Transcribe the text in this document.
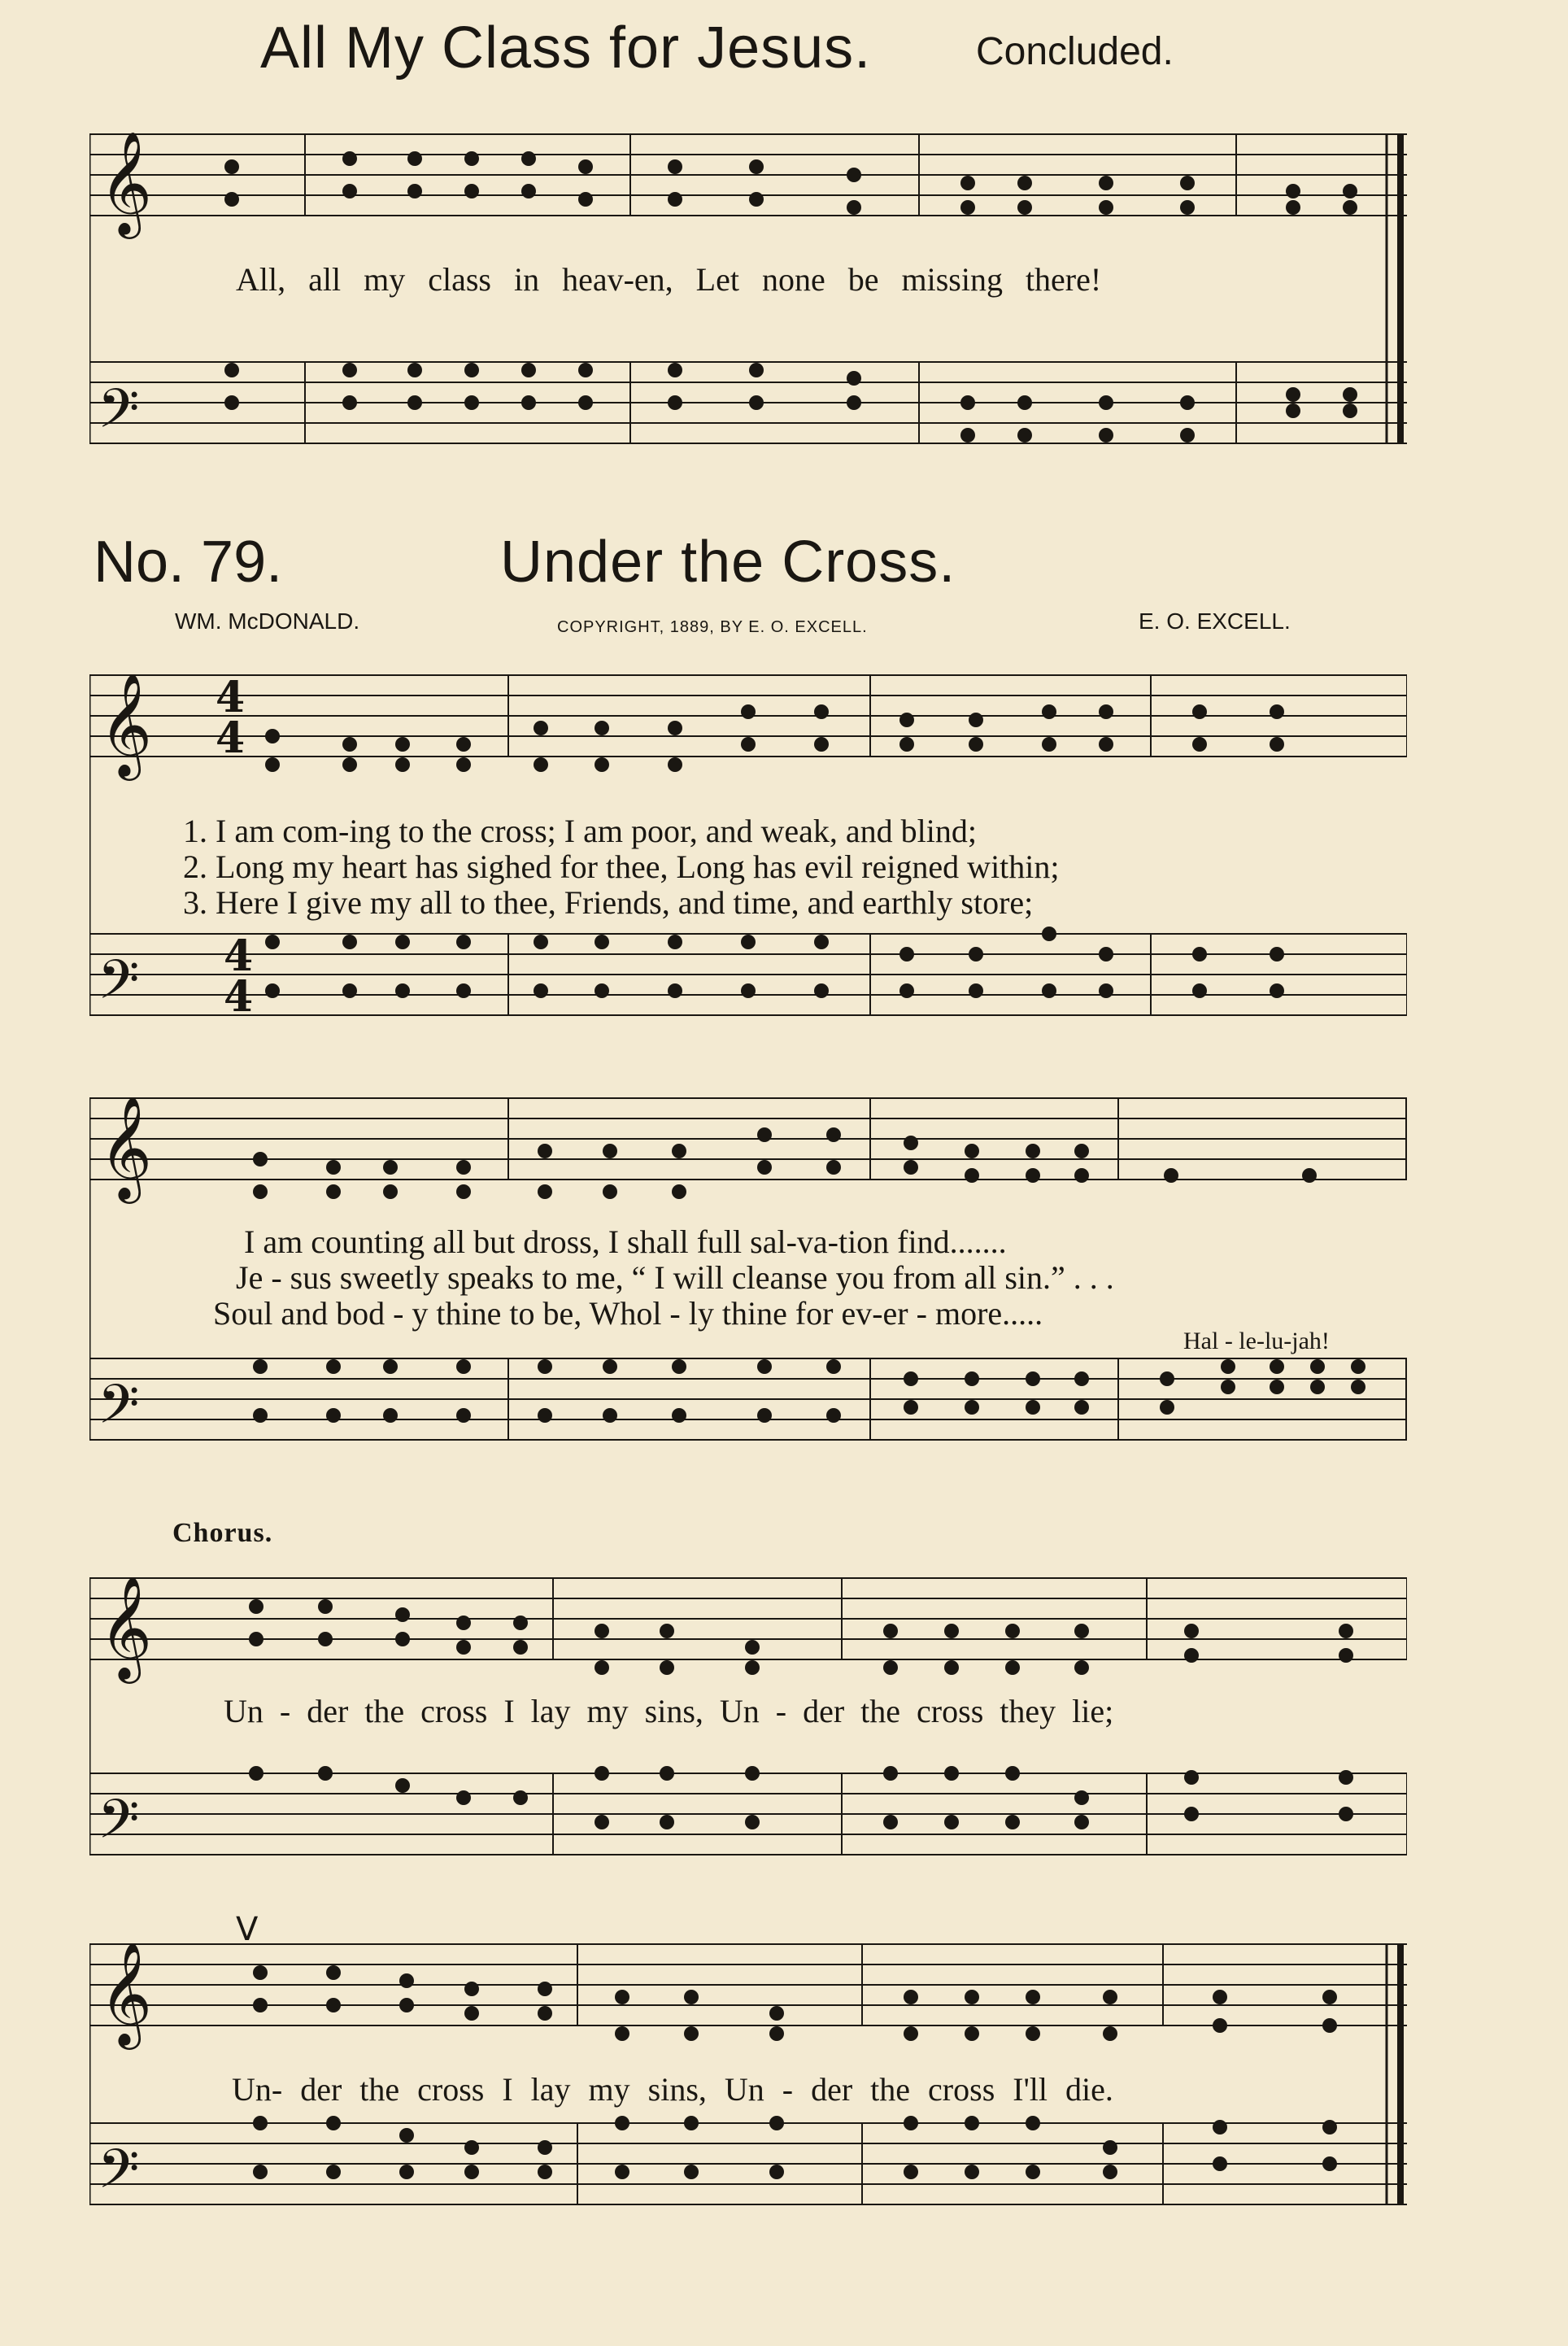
All My Class for Jesus.	Concluded.
𝄞
𝄢
All, all my class in heav-en, Let none be missing there!
No. 79.	Under the Cross.
WM. McDONALD.	COPYRIGHT, 1889, BY E. O. EXCELL.	E. O. EXCELL.
𝄞
𝄢
4
4
4
4
1. I am com-ing to the cross; I am poor, and weak, and blind;
2. Long my heart has sighed for thee, Long has evil reigned within;
3. Here I give my all to thee, Friends, and time, and earthly store;
𝄞
𝄢
I am counting all but dross, I shall full sal-va-tion find.......
Je - sus sweetly speaks to me, “ I will cleanse you from all sin.” . . .
Soul and bod - y thine to be, Whol - ly thine for ev-er - more.....
Hal - le-lu-jah!
Chorus.
𝄞
𝄢
Un - der the cross I lay my sins, Un - der the cross they lie;
V
𝄞
𝄢
Un- der the cross I lay my sins, Un - der the cross I'll die.
